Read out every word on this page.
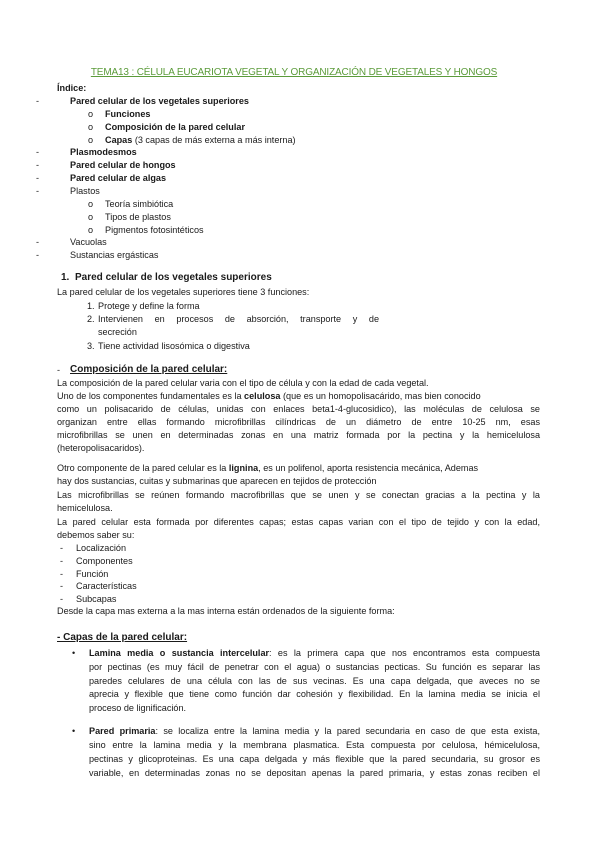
TEMA13 : CÉLULA EUCARIOTA VEGETAL Y ORGANIZACIÓN DE VEGETALES Y HONGOS
Índice:
-	Pared celular de los vegetales superiores
o Funciones
o Composición de la pared celular
o Capas (3 capas de más externa a más interna)
-	Plasmodesmos
-	Pared celular de hongos
-	Pared celular de algas
-	Plastos
o Teoría simbiótica
o Tipos de plastos
o Pigmentos fotosintéticos
-	Vacuolas
-	Sustancias ergásticas
1. Pared celular de los vegetales superiores
La pared celular de los vegetales superiores tiene 3 funciones:
1. Protege y define la forma
2. Intervienen en procesos de absorción, transporte y de
secreción
3. Tiene actividad lisosómica o digestiva
- Composición de la pared celular:
La composición de la pared celular varia con el tipo de célula y con la edad de cada vegetal.
Uno de los componentes fundamentales es la celulosa (que es un homopolisacárido, mas bien conocido
como un polisacarido de células, unidas con enlaces beta1-4-glucosidico), las moléculas de celulosa se
organizan entre ellas formando microfibrillas cilíndricas de un diámetro de entre 10-25 nm, esas
microfibrillas se unen en determinadas zonas en una matriz formada por la pectina y la hemicelulosa
(heteropolisacaridos).
Otro componente de la pared celular es la lignina, es un polifenol, aporta resistencia mecánica, Ademas
hay dos sustancias, cuitas y submarinas que aparecen en tejidos de protección
Las microfibrillas se reúnen formando macrofibrillas que se unen y se conectan gracias a la pectina y la
hemicelulosa.
La pared celular esta formada por diferentes capas; estas capas varian con el tipo de tejido y con la edad,
debemos saber su:
- Localización
- Componentes
- Función
- Características
- Subcapas
Desde la capa mas externa a la mas interna están ordenados de la siguiente forma:
- Capas de la pared celular:
• Lamina media o sustancia intercelular: es la primera capa que nos encontramos esta compuesta
por pectinas (es muy fácil de penetrar con el agua) o sustancias pecticas. Su función es separar las
paredes celulares de una célula con las de sus vecinas. Es una capa delgada, que aveces no se
aprecia y flexible que tiene como función dar cohesión y flexibilidad. En la lamina media se inicia el
proceso de lignificación.
• Pared primaria: se localiza entre la lamina media y la pared secundaria en caso de que esta exista,
sino entre la lamina media y la membrana plasmatica. Esta compuesta por celulosa, hémicelulosa,
pectinas y glicoproteinas. Es una capa delgada y más flexible que la pared secundaria, su grosor es
variable, en determinadas zonas no se depositan apenas la pared primaria, y estas zonas reciben el
